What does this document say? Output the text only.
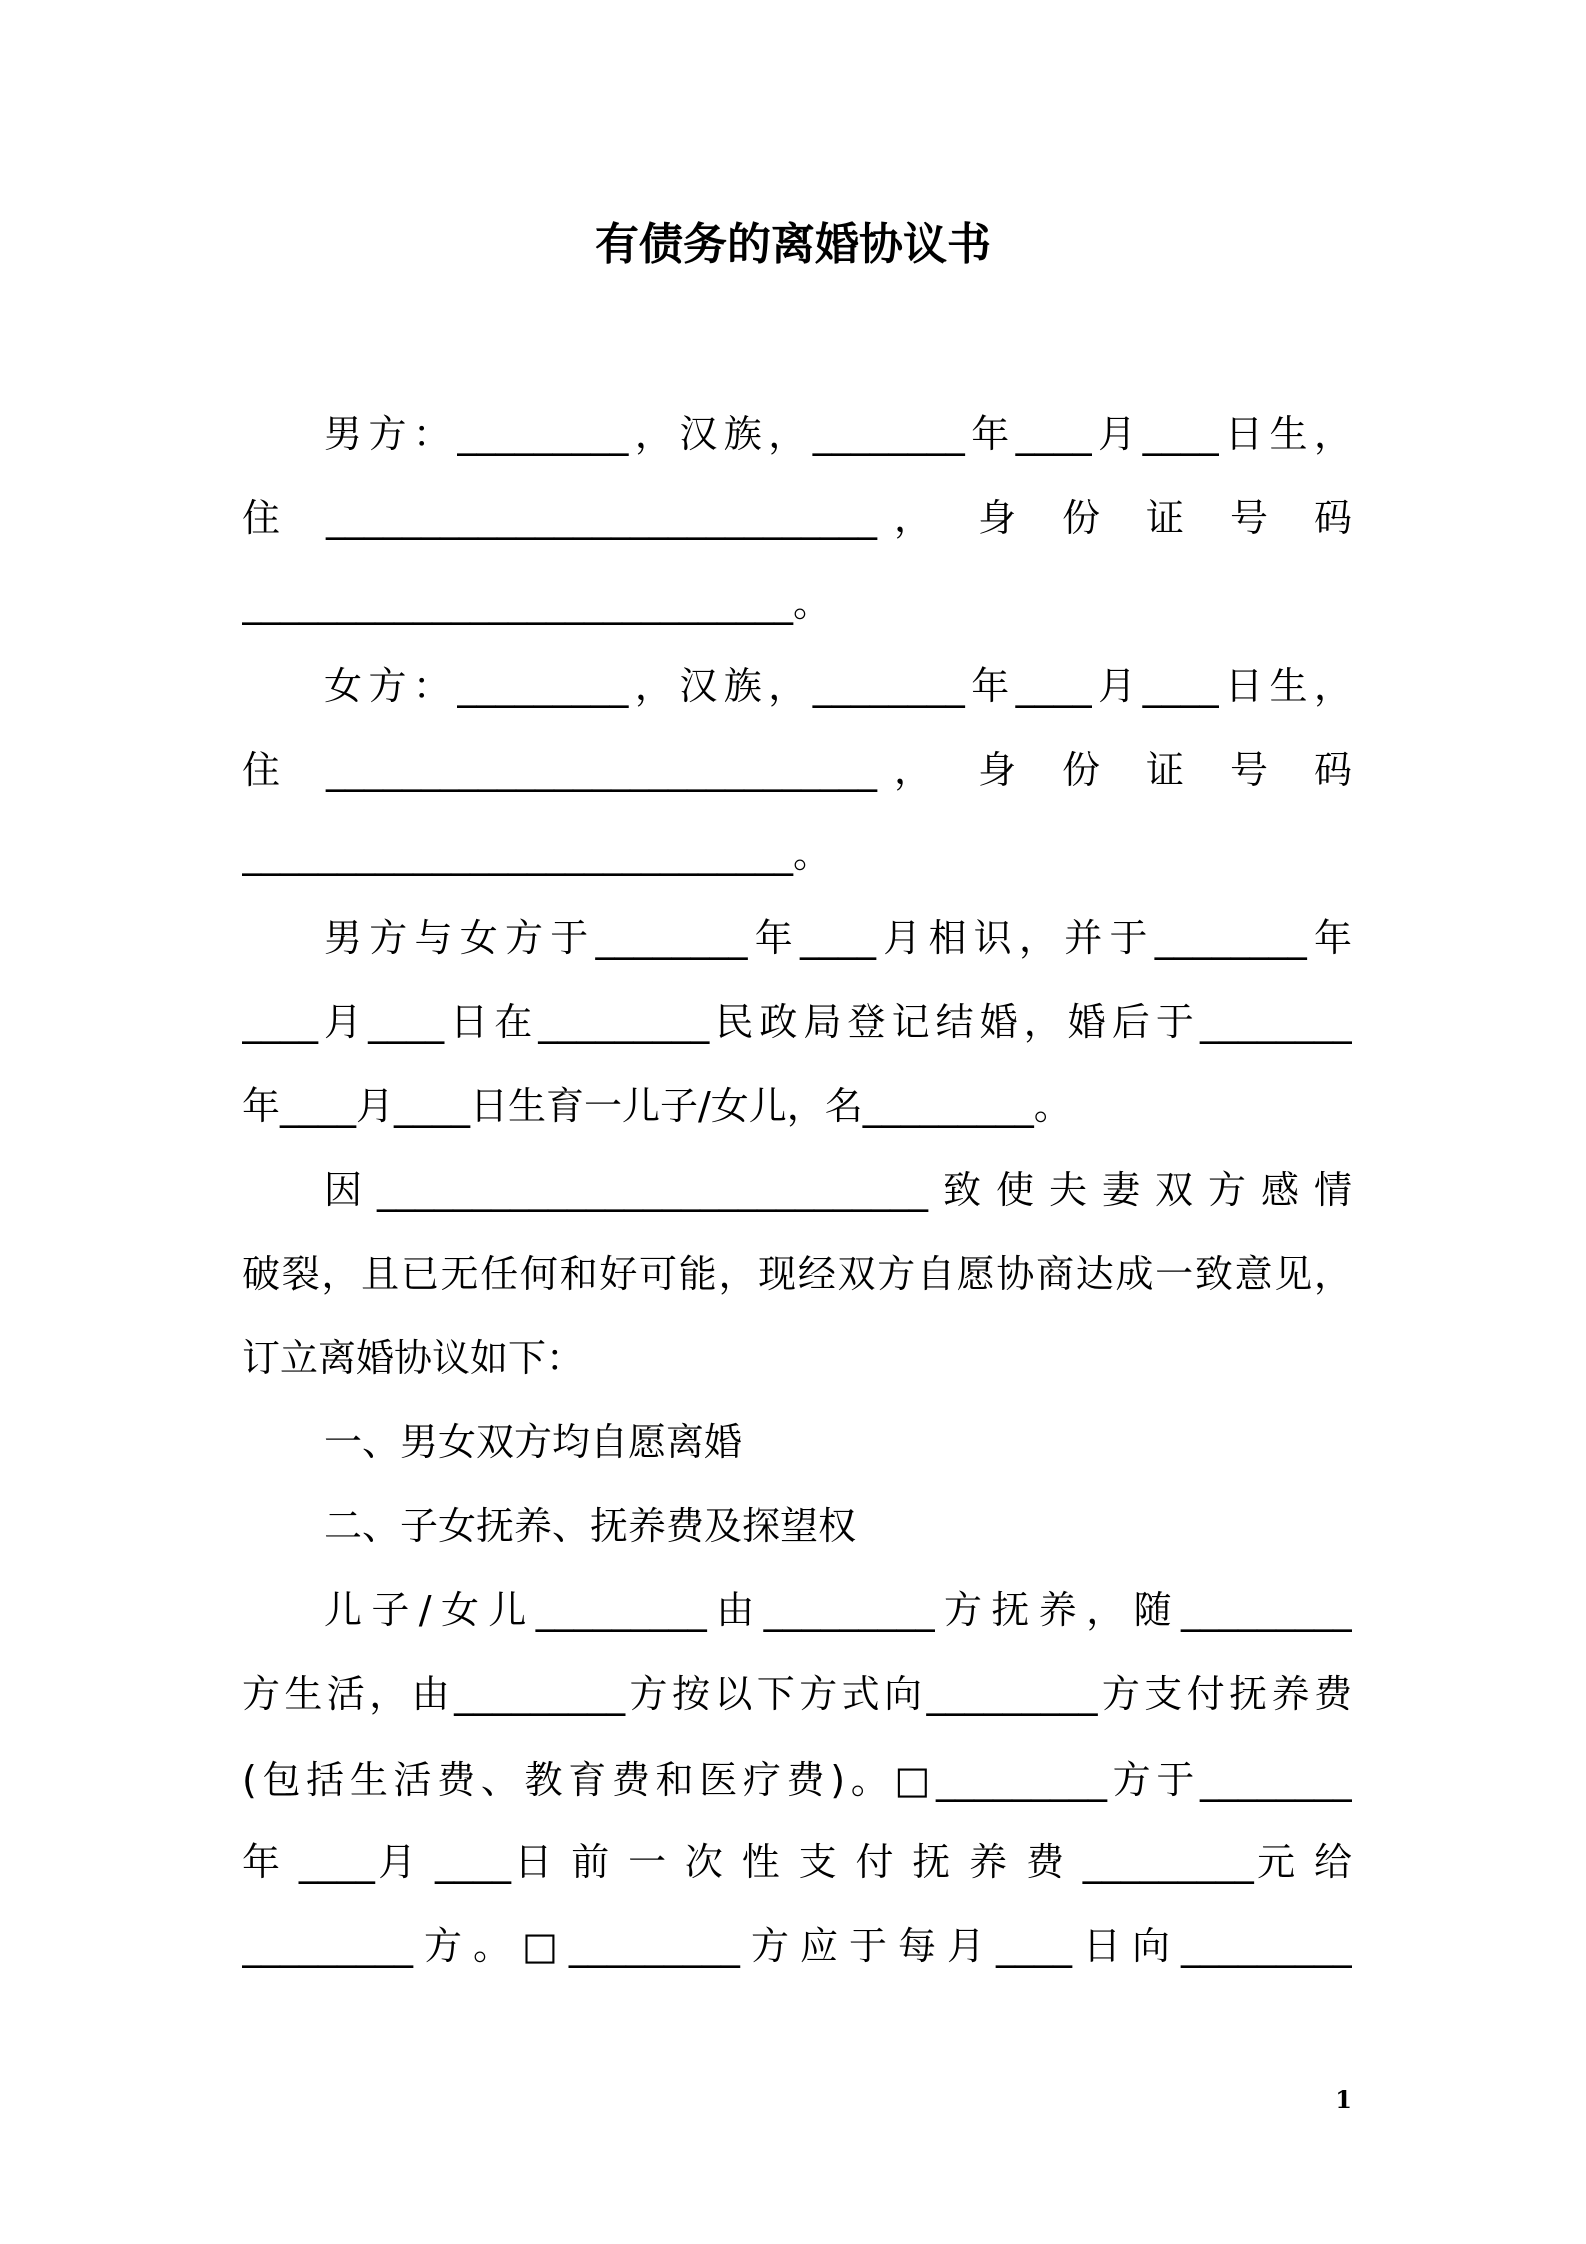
有债务的离婚协议书
男方：_________，汉族，________年____月____日生，
住 _____________________________， 身 份 证 号 码
_____________________________。
女方：_________，汉族，________年____月____日生，
住 _____________________________， 身 份 证 号 码
_____________________________。
男方与女方于________年____月相识，并于________年
____月____日在_________民政局登记结婚，婚后于________
年____月____日生育一儿子/女儿，名_________。
因_____________________________致使夫妻双方感情
破裂，且已无任何和好可能，现经双方自愿协商达成一致意见，
订立离婚协议如下：
一、男女双方均自愿离婚
二、子女抚养、抚养费及探望权
儿子/女儿_________由_________方抚养，随_________
方生活，由_________方按以下方式向_________方支付抚养费
(包括生活费、教育费和医疗费)。□_________方于________
年 ____月 ____日 前 一 次 性 支 付 抚 养 费 _________元 给
_________方。□_________方应于每月____日向_________
1
